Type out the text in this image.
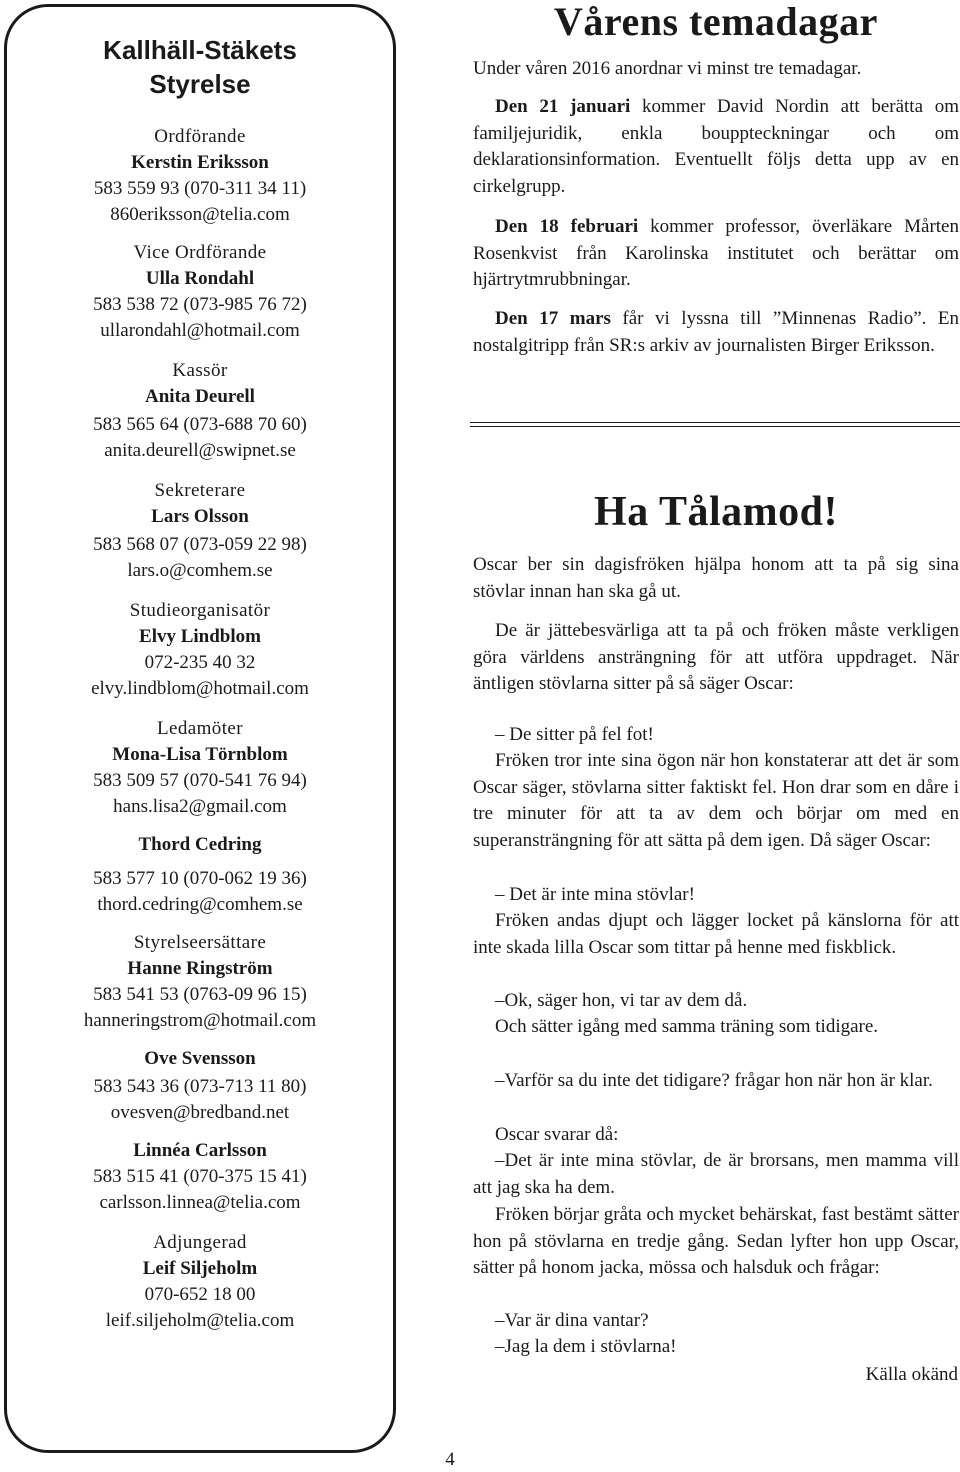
Kallhäll-Stäkets
Styrelse
Ordförande
Kerstin Eriksson
583 559 93 (070-311 34 11)
860eriksson@telia.com
Vice Ordförande
Ulla Rondahl
583 538 72 (073-985 76 72)
ullarondahl@hotmail.com
Kassör
Anita Deurell
583 565 64 (073-688 70 60)
anita.deurell@swipnet.se
Sekreterare
Lars Olsson
583 568 07 (073-059 22 98)
lars.o@comhem.se
Studieorganisatör
Elvy Lindblom
072-235 40 32
elvy.lindblom@hotmail.com
Ledamöter
Mona-Lisa Törnblom
583 509 57 (070-541 76 94)
hans.lisa2@gmail.com
Thord Cedring
583 577 10 (070-062 19 36)
thord.cedring@comhem.se
Styrelseersättare
Hanne Ringström
583 541 53 (0763-09 96 15)
hanneringstrom@hotmail.com
Ove Svensson
583 543 36 (073-713 11 80)
ovesven@bredband.net
Linnéa Carlsson
583 515 41 (070-375 15 41)
carlsson.linnea@telia.com
Adjungerad
Leif Siljeholm
070-652 18 00
leif.siljeholm@telia.com
Vårens temadagar
Under våren 2016 anordnar vi minst tre temadagar.
Den 21 januari kommer David Nordin att berätta om familjejuridik, enkla bouppteckningar och om deklarationsinformation. Eventuellt följs detta upp av en cirkelgrupp.
Den 18 februari kommer professor, överläkare Mårten Rosenkvist från Karolinska institutet och berättar om hjärtrytmrubbningar.
Den 17 mars får vi lyssna till ”Minnenas Radio”. En nostalgitripp från SR:s arkiv av journalisten Birger Eriksson.
Ha Tålamod!
Oscar ber sin dagisfröken hjälpa honom att ta på sig sina stövlar innan han ska gå ut.
De är jättebesvärliga att ta på och fröken måste verkligen göra världens ansträngning för att utföra uppdraget. När äntligen stövlarna sitter på så säger Oscar:
– De sitter på fel fot!
Fröken tror inte sina ögon när hon konstaterar att det är som Oscar säger, stövlarna sitter faktiskt fel. Hon drar som en dåre i tre minuter för att ta av dem och börjar om med en superansträngning för att sätta på dem igen. Då säger Oscar:
– Det är inte mina stövlar!
Fröken andas djupt och lägger locket på känslorna för att inte skada lilla Oscar som tittar på henne med fiskblick.
–Ok, säger hon, vi tar av dem då.
Och sätter igång med samma träning som tidigare.
–Varför sa du inte det tidigare? frågar hon när hon är klar.
Oscar svarar då:
–Det är inte mina stövlar, de är brorsans, men mamma vill att jag ska ha dem.
Fröken börjar gråta och mycket behärskat, fast bestämt sätter hon på stövlarna en tredje gång. Sedan lyfter hon upp Oscar, sätter på honom jacka, mössa och halsduk och frågar:
–Var är dina vantar?
–Jag la dem i stövlarna!
Källa okänd
4
